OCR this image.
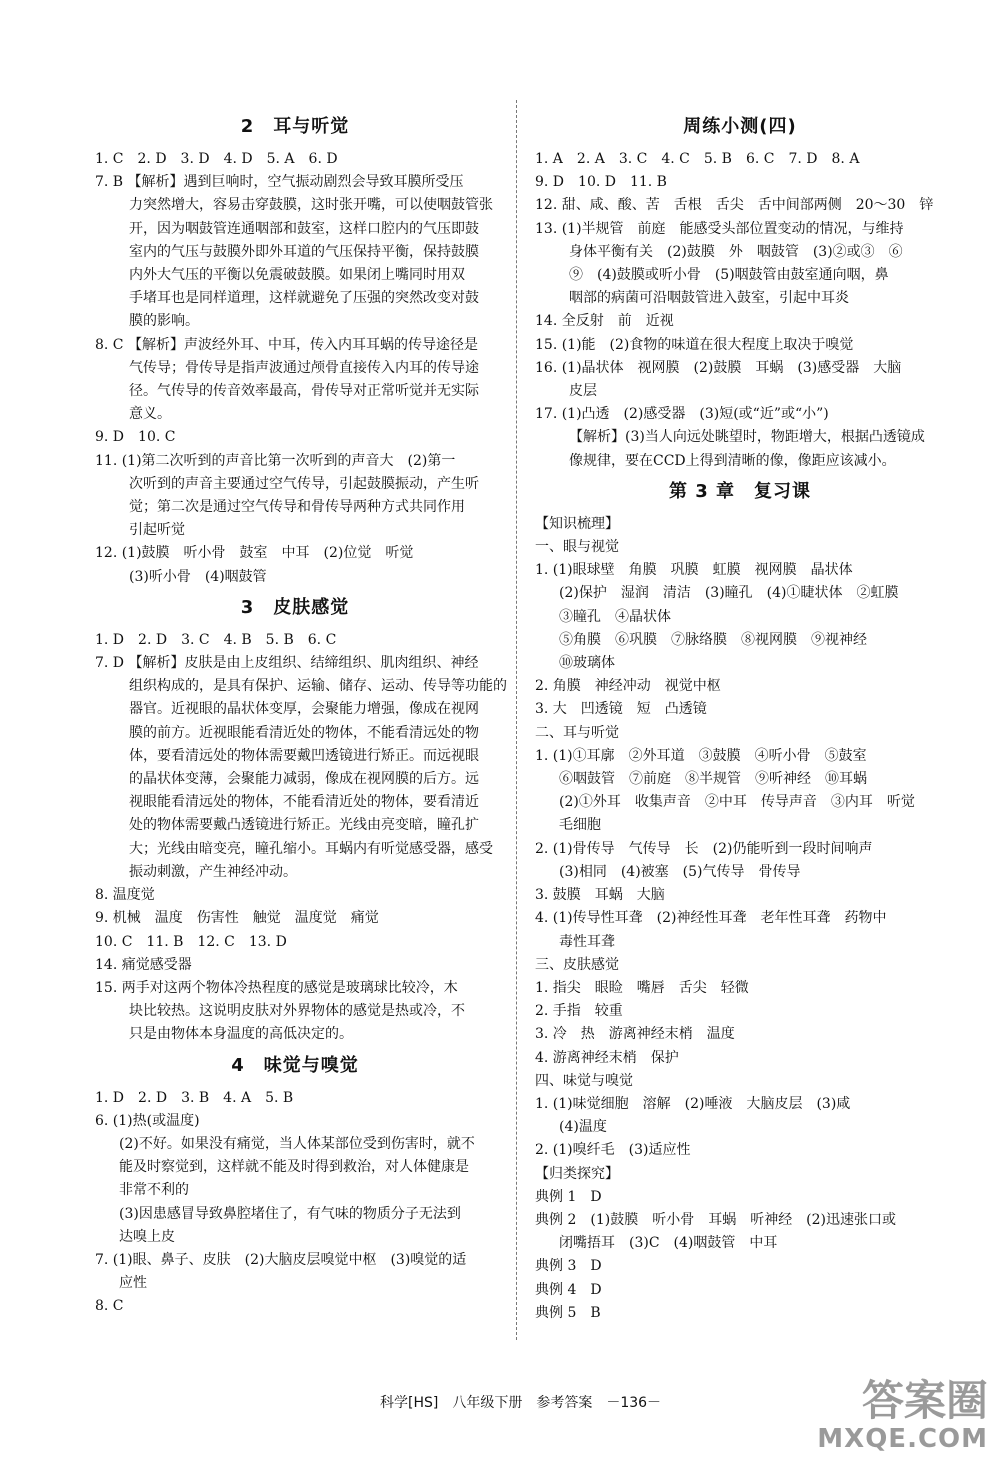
2　耳与听觉
1. C　2. D　3. D　4. D　5. A　6. D
7. B 【解析】遇到巨响时，空气振动剧烈会导致耳膜所受压
力突然增大，容易击穿鼓膜，这时张开嘴，可以使咽鼓管张
开，因为咽鼓管连通咽部和鼓室，这样口腔内的气压即鼓
室内的气压与鼓膜外即外耳道的气压保持平衡，保持鼓膜
内外大气压的平衡以免震破鼓膜。如果闭上嘴同时用双
手堵耳也是同样道理，这样就避免了压强的突然改变对鼓
膜的影响。
8. C 【解析】声波经外耳、中耳，传入内耳耳蜗的传导途径是
气传导；骨传导是指声波通过颅骨直接传入内耳的传导途
径。气传导的传音效率最高，骨传导对正常听觉并无实际
意义。
9. D　10. C
11. (1)第二次听到的声音比第一次听到的声音大　(2)第一
次听到的声音主要通过空气传导，引起鼓膜振动，产生听
觉；第二次是通过空气传导和骨传导两种方式共同作用
引起听觉
12. (1)鼓膜　听小骨　鼓室　中耳　(2)位觉　听觉
(3)听小骨　(4)咽鼓管
3　皮肤感觉
1. D　2. D　3. C　4. B　5. B　6. C
7. D 【解析】皮肤是由上皮组织、结缔组织、肌肉组织、神经
组织构成的，是具有保护、运输、储存、运动、传导等功能的
器官。近视眼的晶状体变厚，会聚能力增强，像成在视网
膜的前方。近视眼能看清近处的物体，不能看清远处的物
体，要看清远处的物体需要戴凹透镜进行矫正。而远视眼
的晶状体变薄，会聚能力减弱，像成在视网膜的后方。远
视眼能看清远处的物体，不能看清近处的物体，要看清近
处的物体需要戴凸透镜进行矫正。光线由亮变暗，瞳孔扩
大；光线由暗变亮，瞳孔缩小。耳蜗内有听觉感受器，感受
振动刺激，产生神经冲动。
8. 温度觉
9. 机械　温度　伤害性　触觉　温度觉　痛觉
10. C　11. B　12. C　13. D
14. 痛觉感受器
15. 两手对这两个物体冷热程度的感觉是玻璃球比较冷，木
块比较热。这说明皮肤对外界物体的感觉是热或冷，不
只是由物体本身温度的高低决定的。
4　味觉与嗅觉
1. D　2. D　3. B　4. A　5. B
6. (1)热(或温度)
(2)不好。如果没有痛觉，当人体某部位受到伤害时，就不
能及时察觉到，这样就不能及时得到救治，对人体健康是
非常不利的
(3)因患感冒导致鼻腔堵住了，有气味的物质分子无法到
达嗅上皮
7. (1)眼、鼻子、皮肤　(2)大脑皮层嗅觉中枢　(3)嗅觉的适
应性
8. C
周练小测(四)
1. A　2. A　3. C　4. C　5. B　6. C　7. D　8. A
9. D　10. D　11. B
12. 甜、咸、酸、苦　舌根　舌尖　舌中间部两侧　20～30　锌
13. (1)半规管　前庭　能感受头部位置变动的情况，与维持
身体平衡有关　(2)鼓膜　外　咽鼓管　(3)②或③　⑥
⑨　(4)鼓膜或听小骨　(5)咽鼓管由鼓室通向咽，鼻
咽部的病菌可沿咽鼓管进入鼓室，引起中耳炎
14. 全反射　前　近视
15. (1)能　(2)食物的味道在很大程度上取决于嗅觉
16. (1)晶状体　视网膜　(2)鼓膜　耳蜗　(3)感受器　大脑
皮层
17. (1)凸透　(2)感受器　(3)短(或“近”或“小”)
【解析】(3)当人向远处眺望时，物距增大，根据凸透镜成
像规律，要在CCD上得到清晰的像，像距应该减小。
第 3 章　复习课
【知识梳理】
一、眼与视觉
1. (1)眼球壁　角膜　巩膜　虹膜　视网膜　晶状体
(2)保护　湿润　清洁　(3)瞳孔　(4)①睫状体　②虹膜
③瞳孔　④晶状体
⑤角膜　⑥巩膜　⑦脉络膜　⑧视网膜　⑨视神经
⑩玻璃体
2. 角膜　神经冲动　视觉中枢
3. 大　凹透镜　短　凸透镜
二、耳与听觉
1. (1)①耳廓　②外耳道　③鼓膜　④听小骨　⑤鼓室
⑥咽鼓管　⑦前庭　⑧半规管　⑨听神经　⑩耳蜗
(2)①外耳　收集声音　②中耳　传导声音　③内耳　听觉
毛细胞
2. (1)骨传导　气传导　长　(2)仍能听到一段时间响声
(3)相同　(4)被塞　(5)气传导　骨传导
3. 鼓膜　耳蜗　大脑
4. (1)传导性耳聋　(2)神经性耳聋　老年性耳聋　药物中
毒性耳聋
三、皮肤感觉
1. 指尖　眼睑　嘴唇　舌尖　轻微
2. 手指　较重
3. 冷　热　游离神经末梢　温度
4. 游离神经末梢　保护
四、味觉与嗅觉
1. (1)味觉细胞　溶解　(2)唾液　大脑皮层　(3)咸
(4)温度
2. (1)嗅纤毛　(3)适应性
【归类探究】
典例 1　D
典例 2　(1)鼓膜　听小骨　耳蜗　听神经　(2)迅速张口或
闭嘴捂耳　(3)C　(4)咽鼓管　中耳
典例 3　D
典例 4　D
典例 5　B
科学[HS]　八年级下册　参考答案　－136－	答案圈
MXQE.COM
